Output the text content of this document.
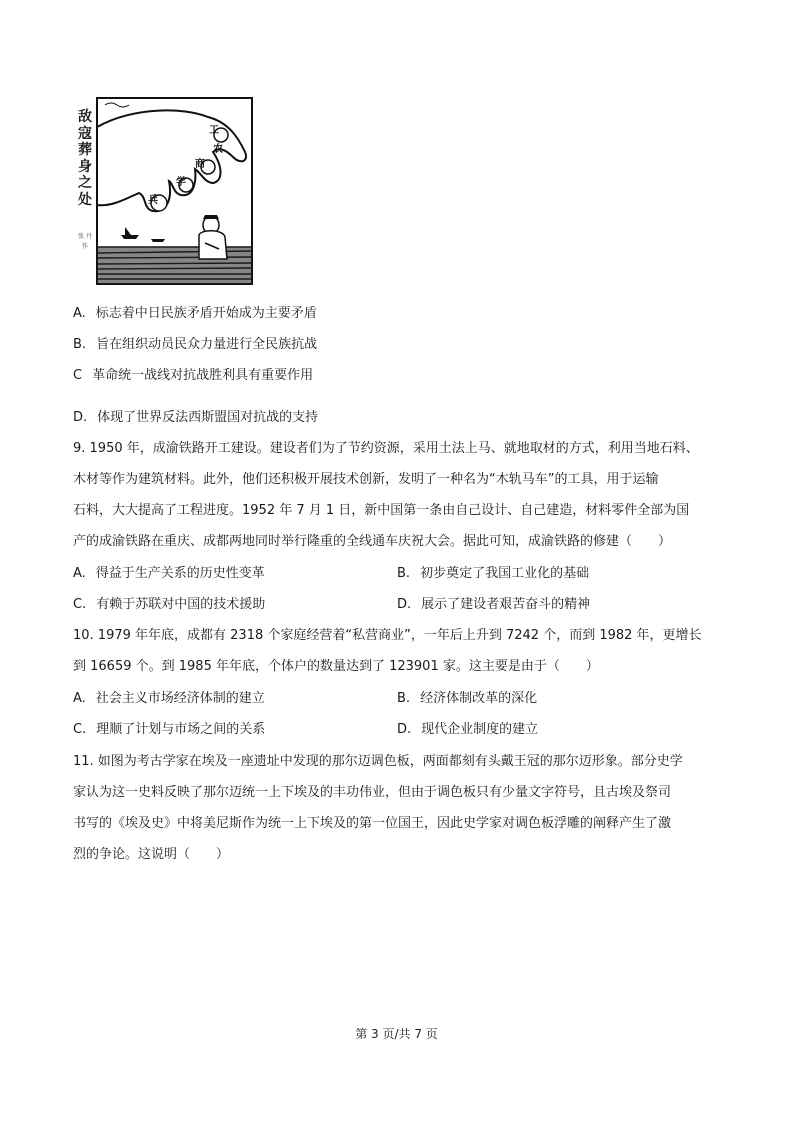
工
农
商
学
兵
敌寇葬身之处
张 丹 作
A. 标志着中日民族矛盾开始成为主要矛盾
B. 旨在组织动员民众力量进行全民族抗战
C 革命统一战线对抗战胜利具有重要作用
D. 体现了世界反法西斯盟国对抗战的支持
9. 1950 年，成渝铁路开工建设。建设者们为了节约资源，采用土法上马、就地取材的方式，利用当地石料、
木材等作为建筑材料。此外，他们还积极开展技术创新，发明了一种名为“木轨马车”的工具，用于运输
石料，大大提高了工程进度。1952 年 7 月 1 日，新中国第一条由自己设计、自己建造，材料零件全部为国
产的成渝铁路在重庆、成都两地同时举行隆重的全线通车庆祝大会。据此可知，成渝铁路的修建（　　）
A. 得益于生产关系的历史性变革	B. 初步奠定了我国工业化的基础
C. 有赖于苏联对中国的技术援助	D. 展示了建设者艰苦奋斗的精神
10. 1979 年年底，成都有 2318 个家庭经营着“私营商业”，一年后上升到 7242 个，而到 1982 年，更增长
到 16659 个。到 1985 年年底，个体户的数量达到了 123901 家。这主要是由于（　　）
A. 社会主义市场经济体制的建立	B. 经济体制改革的深化
C. 理顺了计划与市场之间的关系	D. 现代企业制度的建立
11. 如图为考古学家在埃及一座遗址中发现的那尔迈调色板，两面都刻有头戴王冠的那尔迈形象。部分史学
家认为这一史料反映了那尔迈统一上下埃及的丰功伟业，但由于调色板只有少量文字符号，且古埃及祭司
书写的《埃及史》中将美尼斯作为统一上下埃及的第一位国王，因此史学家对调色板浮雕的阐释产生了激
烈的争论。这说明（　　）
第 3 页/共 7 页
